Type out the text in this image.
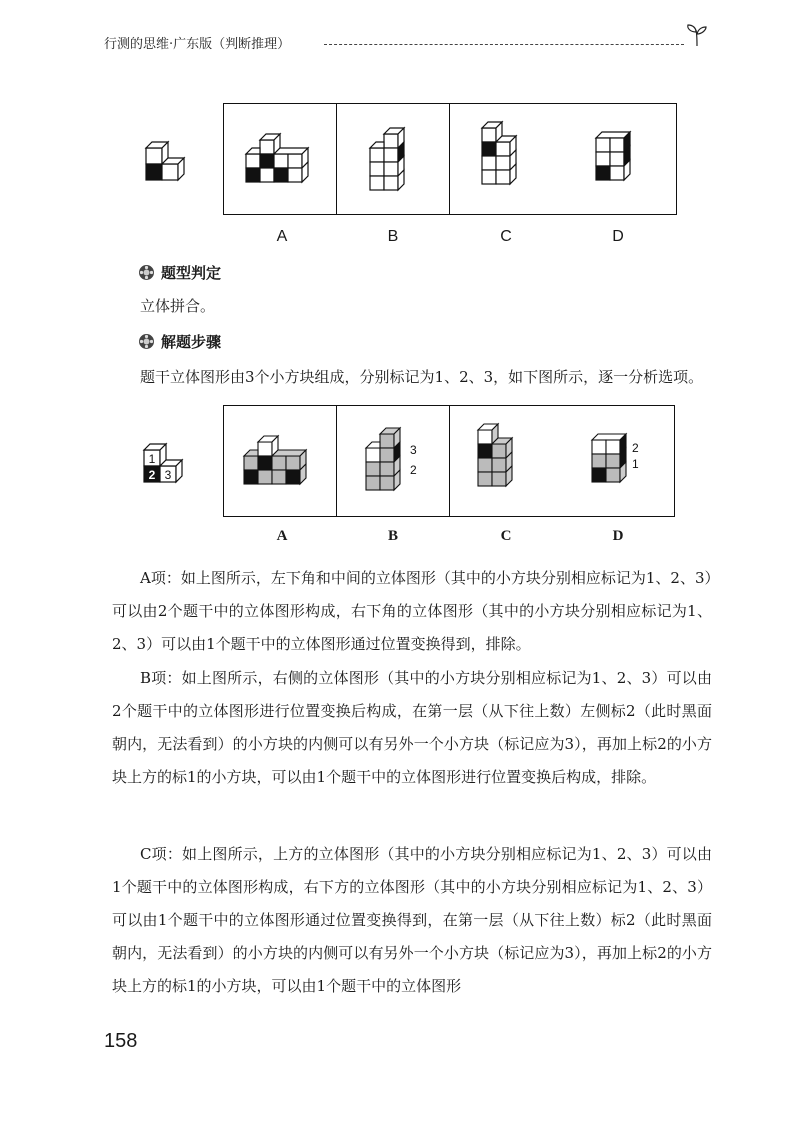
行测的思维·广东版（判断推理）
A	B	C	D
题型判定
立体拼合。
解题步骤
题干立体图形由3个小方块组成，分别标记为1、2、3，如下图所示，逐一分析选项。
1
2 3
3
2
2
1
A	B	C	D
A项：如上图所示，左下角和中间的立体图形（其中的小方块分别相应标记为1、2、3）可以由2个题干中的立体图形构成，右下角的立体图形（其中的小方块分别相应标记为1、2、3）可以由1个题干中的立体图形通过位置变换得到，排除。
B项：如上图所示，右侧的立体图形（其中的小方块分别相应标记为1、2、3）可以由2个题干中的立体图形进行位置变换后构成，在第一层（从下往上数）左侧标2（此时黑面朝内，无法看到）的小方块的内侧可以有另外一个小方块（标记应为3），再加上标2的小方块上方的标1的小方块，可以由1个题干中的立体图形进行位置变换后构成，排除。
C项：如上图所示，上方的立体图形（其中的小方块分别相应标记为1、2、3）可以由1个题干中的立体图形构成，右下方的立体图形（其中的小方块分别相应标记为1、2、3）可以由1个题干中的立体图形通过位置变换得到，在第一层（从下往上数）标2（此时黑面朝内，无法看到）的小方块的内侧可以有另外一个小方块（标记应为3），再加上标2的小方块上方的标1的小方块，可以由1个题干中的立体图形
158
